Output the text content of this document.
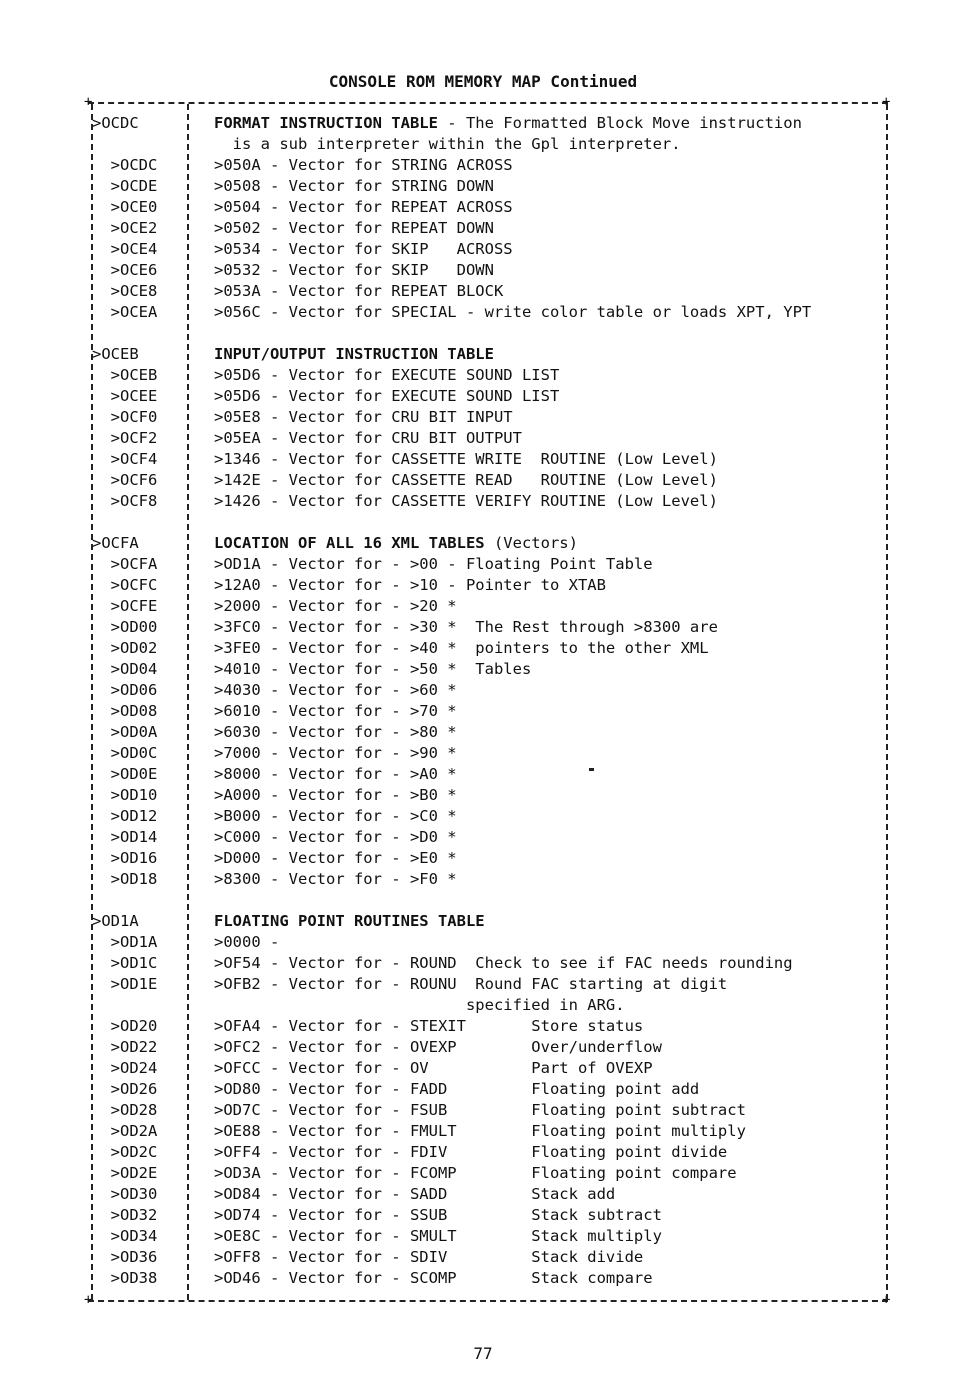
CONSOLE ROM MEMORY MAP Continued
+	+
+	+
>OCDC	FORMAT INSTRUCTION TABLE - The Formatted Block Move instruction
is a sub interpreter within the Gpl interpreter.
>OCDC	>050A - Vector for STRING ACROSS
>OCDE	>0508 - Vector for STRING DOWN
>OCE0	>0504 - Vector for REPEAT ACROSS
>OCE2	>0502 - Vector for REPEAT DOWN
>OCE4	>0534 - Vector for SKIP   ACROSS
>OCE6	>0532 - Vector for SKIP   DOWN
>OCE8	>053A - Vector for REPEAT BLOCK
>OCEA	>056C - Vector for SPECIAL - write color table or loads XPT, YPT
>OCEB	INPUT/OUTPUT INSTRUCTION TABLE
>OCEB	>05D6 - Vector for EXECUTE SOUND LIST
>OCEE	>05D6 - Vector for EXECUTE SOUND LIST
>OCF0	>05E8 - Vector for CRU BIT INPUT
>OCF2	>05EA - Vector for CRU BIT OUTPUT
>OCF4	>1346 - Vector for CASSETTE WRITE  ROUTINE (Low Level)
>OCF6	>142E - Vector for CASSETTE READ   ROUTINE (Low Level)
>OCF8	>1426 - Vector for CASSETTE VERIFY ROUTINE (Low Level)
>OCFA	LOCATION OF ALL 16 XML TABLES (Vectors)
>OCFA	>OD1A - Vector for - >00 - Floating Point Table
>OCFC	>12A0 - Vector for - >10 - Pointer to XTAB
>OCFE	>2000 - Vector for - >20 *
>OD00	>3FC0 - Vector for - >30 *  The Rest through >8300 are
>OD02	>3FE0 - Vector for - >40 *  pointers to the other XML
>OD04	>4010 - Vector for - >50 *  Tables
>OD06	>4030 - Vector for - >60 *
>OD08	>6010 - Vector for - >70 *
>OD0A	>6030 - Vector for - >80 *
>OD0C	>7000 - Vector for - >90 *
>OD0E	>8000 - Vector for - >A0 *
>OD10	>A000 - Vector for - >B0 *
>OD12	>B000 - Vector for - >C0 *
>OD14	>C000 - Vector for - >D0 *
>OD16	>D000 - Vector for - >E0 *
>OD18	>8300 - Vector for - >F0 *
>OD1A	FLOATING POINT ROUTINES TABLE
>OD1A	>0000 -
>OD1C	>OF54 - Vector for - ROUND  Check to see if FAC needs rounding
>OD1E	>OFB2 - Vector for - ROUNU  Round FAC starting at digit
specified in ARG.
>OD20	>OFA4 - Vector for - STEXIT       Store status
>OD22	>OFC2 - Vector for - OVEXP        Over/underflow
>OD24	>OFCC - Vector for - OV           Part of OVEXP
>OD26	>OD80 - Vector for - FADD         Floating point add
>OD28	>OD7C - Vector for - FSUB         Floating point subtract
>OD2A	>OE88 - Vector for - FMULT        Floating point multiply
>OD2C	>OFF4 - Vector for - FDIV         Floating point divide
>OD2E	>OD3A - Vector for - FCOMP        Floating point compare
>OD30	>OD84 - Vector for - SADD         Stack add
>OD32	>OD74 - Vector for - SSUB         Stack subtract
>OD34	>OE8C - Vector for - SMULT        Stack multiply
>OD36	>OFF8 - Vector for - SDIV         Stack divide
>OD38	>OD46 - Vector for - SCOMP        Stack compare
77
